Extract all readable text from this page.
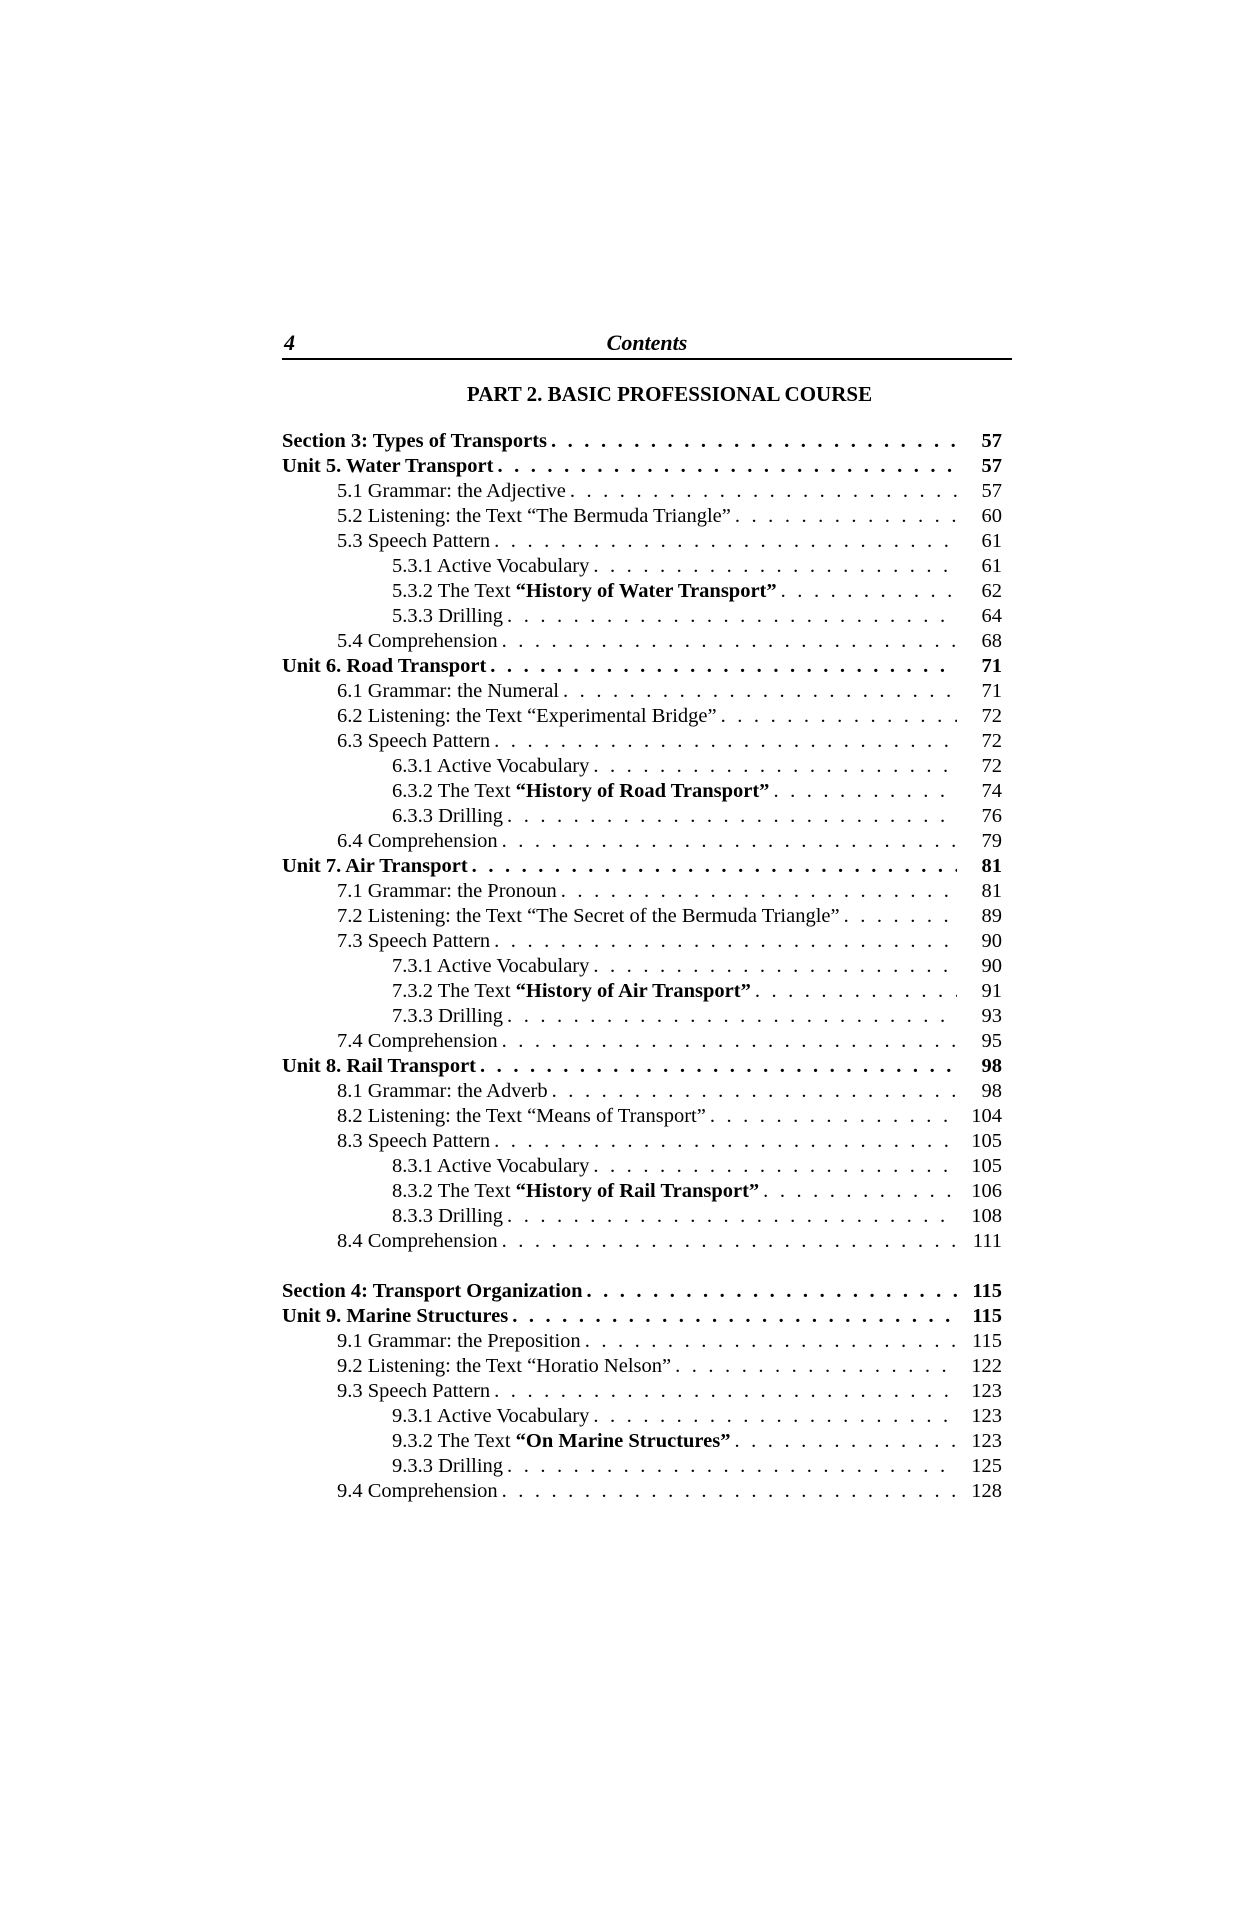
4	Contents
PART 2. BASIC PROFESSIONAL COURSE
Section 3: Types of Transports . . .	57
Unit 5. Water Transport . . .	57
5.1 Grammar: the Adjective . . .	57
5.2 Listening: the Text “The Bermuda Triangle” . . .	60
5.3 Speech Pattern . . .	61
5.3.1 Active Vocabulary . . .	61
5.3.2 The Text “History of Water Transport” . . .	62
5.3.3 Drilling . . .	64
5.4 Comprehension . . .	68
Unit 6. Road Transport . . .	71
6.1 Grammar: the Numeral . . .	71
6.2 Listening: the Text “Experimental Bridge” . . .	72
6.3 Speech Pattern . . .	72
6.3.1 Active Vocabulary . . .	72
6.3.2 The Text “History of Road Transport” . . .	74
6.3.3 Drilling . . .	76
6.4 Comprehension . . .	79
Unit 7. Air Transport . . .	81
7.1 Grammar: the Pronoun . . .	81
7.2 Listening: the Text “The Secret of the Bermuda Triangle” . . .	89
7.3 Speech Pattern . . .	90
7.3.1 Active Vocabulary . . .	90
7.3.2 The Text “History of Air Transport” . . .	91
7.3.3 Drilling . . .	93
7.4 Comprehension . . .	95
Unit 8. Rail Transport . . .	98
8.1 Grammar: the Adverb . . .	98
8.2 Listening: the Text “Means of Transport” . . .	104
8.3 Speech Pattern . . .	105
8.3.1 Active Vocabulary . . .	105
8.3.2 The Text “History of Rail Transport” . . .	106
8.3.3 Drilling . . .	108
8.4 Comprehension . . .	111
Section 4: Transport Organization . . .	115
Unit 9. Marine Structures . . .	115
9.1 Grammar: the Preposition . . .	115
9.2 Listening: the Text “Horatio Nelson” . . .	122
9.3 Speech Pattern . . .	123
9.3.1 Active Vocabulary . . .	123
9.3.2 The Text “On Marine Structures” . . .	123
9.3.3 Drilling . . .	125
9.4 Comprehension . . .	128
